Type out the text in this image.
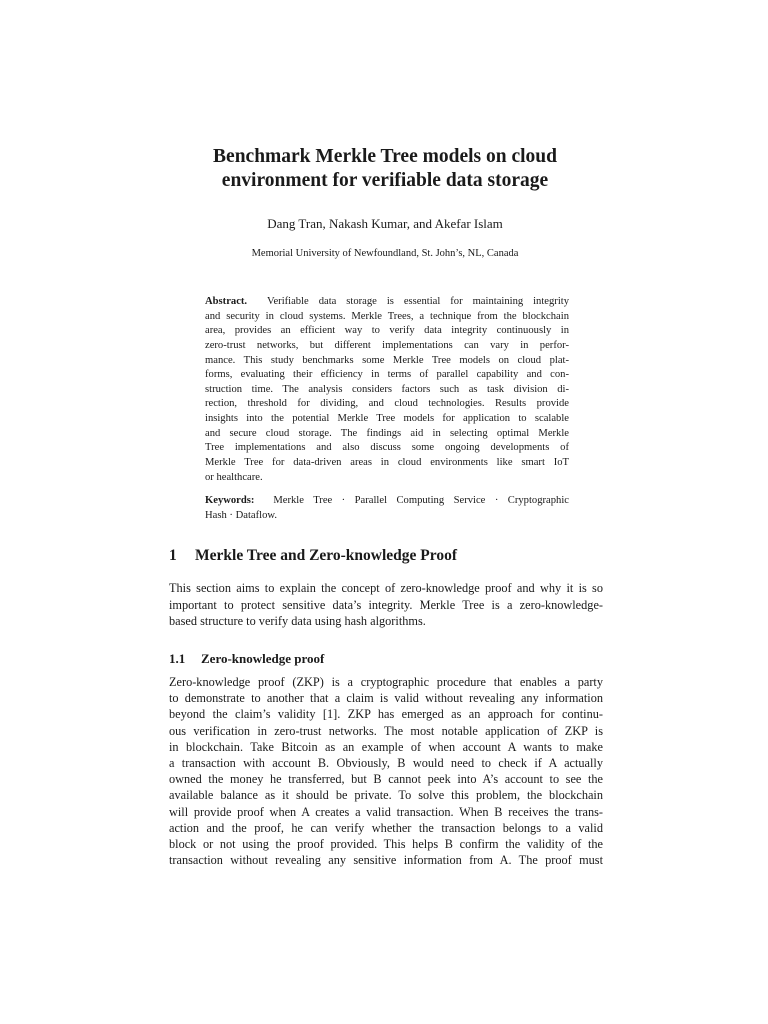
Benchmark Merkle Tree models on cloud
environment for verifiable data storage
Dang Tran, Nakash Kumar, and Akefar Islam
Memorial University of Newfoundland, St. John’s, NL, Canada
Abstract. Verifiable data storage is essential for maintaining integrity
and security in cloud systems. Merkle Trees, a technique from the blockchain
area, provides an efficient way to verify data integrity continuously in
zero-trust networks, but different implementations can vary in perfor-
mance. This study benchmarks some Merkle Tree models on cloud plat-
forms, evaluating their efficiency in terms of parallel capability and con-
struction time. The analysis considers factors such as task division di-
rection, threshold for dividing, and cloud technologies. Results provide
insights into the potential Merkle Tree models for application to scalable
and secure cloud storage. The findings aid in selecting optimal Merkle
Tree implementations and also discuss some ongoing developments of
Merkle Tree for data-driven areas in cloud environments like smart IoT
or healthcare.
Keywords: Merkle Tree · Parallel Computing Service · Cryptographic
Hash · Dataflow.
1 Merkle Tree and Zero-knowledge Proof
This section aims to explain the concept of zero-knowledge proof and why it is so
important to protect sensitive data’s integrity. Merkle Tree is a zero-knowledge-
based structure to verify data using hash algorithms.
1.1 Zero-knowledge proof
Zero-knowledge proof (ZKP) is a cryptographic procedure that enables a party
to demonstrate to another that a claim is valid without revealing any information
beyond the claim’s validity [1]. ZKP has emerged as an approach for continu-
ous verification in zero-trust networks. The most notable application of ZKP is
in blockchain. Take Bitcoin as an example of when account A wants to make
a transaction with account B. Obviously, B would need to check if A actually
owned the money he transferred, but B cannot peek into A’s account to see the
available balance as it should be private. To solve this problem, the blockchain
will provide proof when A creates a valid transaction. When B receives the trans-
action and the proof, he can verify whether the transaction belongs to a valid
block or not using the proof provided. This helps B confirm the validity of the
transaction without revealing any sensitive information from A. The proof must
